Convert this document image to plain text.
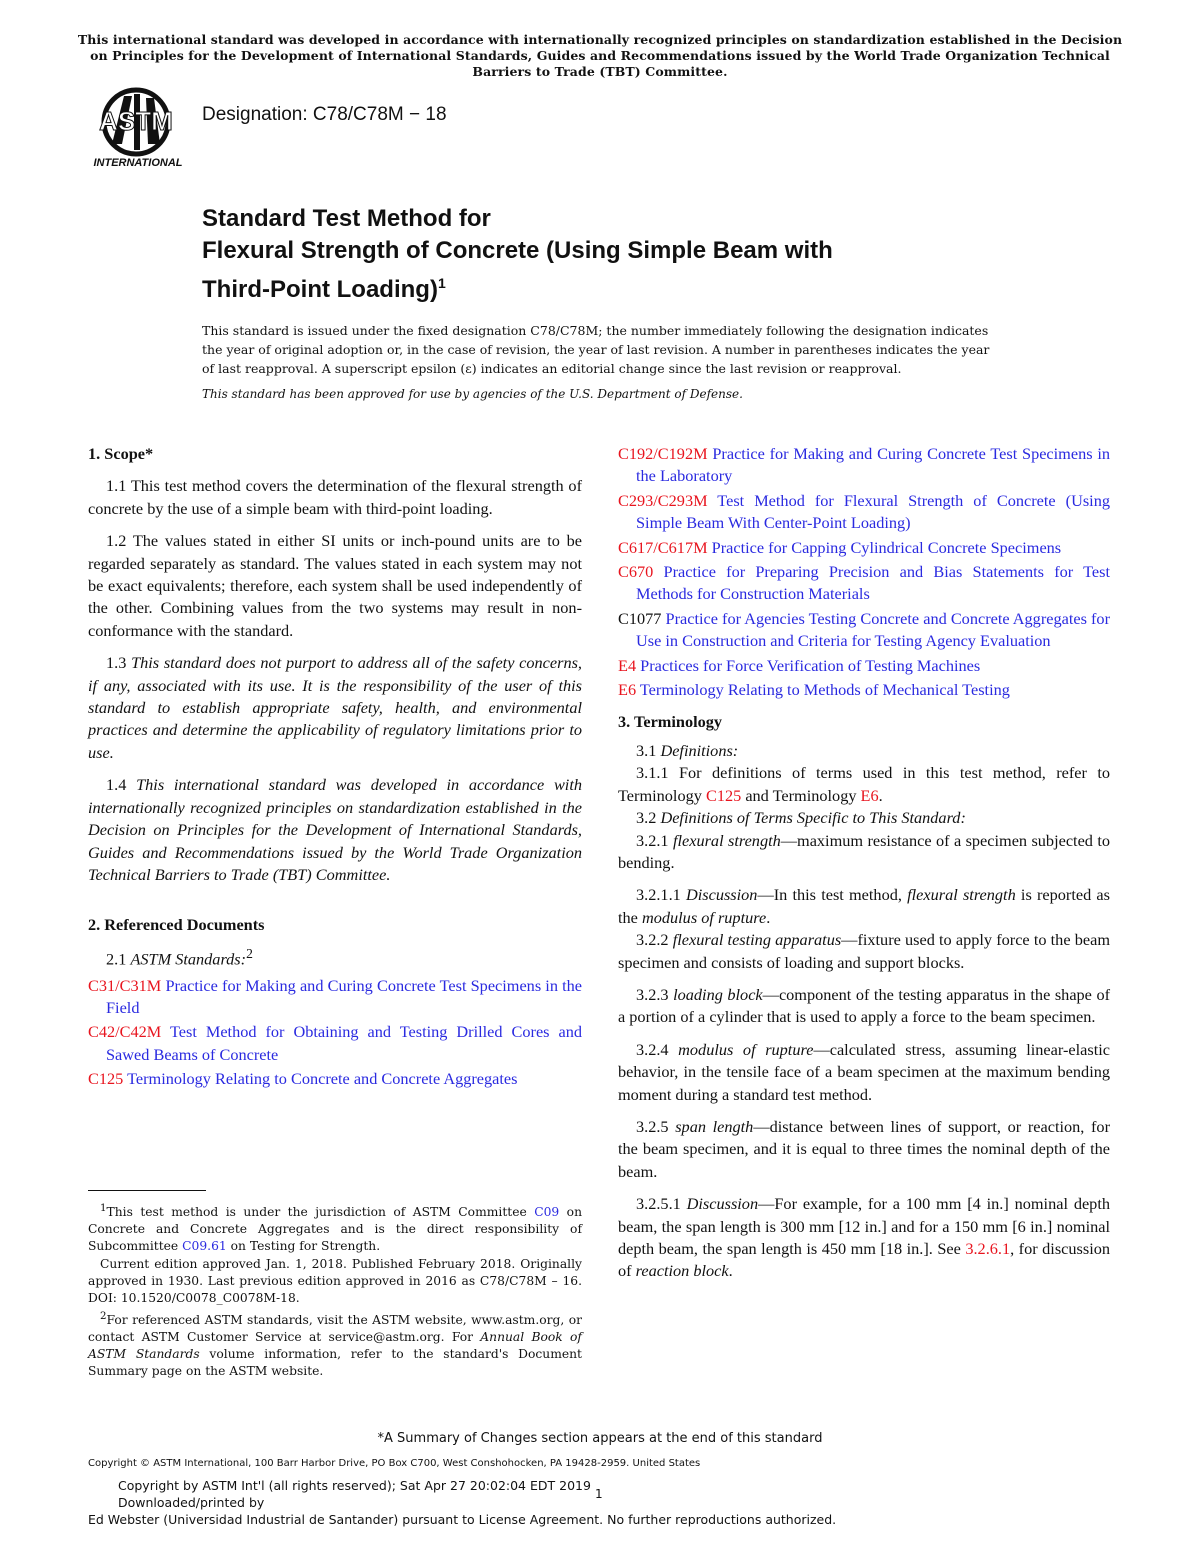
This international standard was developed in accordance with internationally recognized principles on standardization established in the Decision on Principles for the Development of International Standards, Guides and Recommendations issued by the World Trade Organization Technical Barriers to Trade (TBT) Committee.
ASTM
INTERNATIONAL
Designation: C78/C78M − 18
Standard Test Method for
Flexural Strength of Concrete (Using Simple Beam with
Third-Point Loading)$^1$
This standard is issued under the fixed designation C78/C78M; the number immediately following the designation indicates the year of original adoption or, in the case of revision, the year of last revision. A number in parentheses indicates the year of last reapproval. A superscript epsilon (ε) indicates an editorial change since the last revision or reapproval.
This standard has been approved for use by agencies of the U.S. Department of Defense.
1. Scope*
1.1 This test method covers the determination of the flexural strength of concrete by the use of a simple beam with third-point loading.
1.2 The values stated in either SI units or inch-pound units are to be regarded separately as standard. The values stated in each system may not be exact equivalents; therefore, each system shall be used independently of the other. Combining values from the two systems may result in non-conformance with the standard.
1.3 This standard does not purport to address all of the safety concerns, if any, associated with its use. It is the responsibility of the user of this standard to establish appropriate safety, health, and environmental practices and determine the applicability of regulatory limitations prior to use.
1.4 This international standard was developed in accordance with internationally recognized principles on standardization established in the Decision on Principles for the Development of International Standards, Guides and Recommendations issued by the World Trade Organization Technical Barriers to Trade (TBT) Committee.
2. Referenced Documents
2.1 ASTM Standards:$^2$
C31/C31M Practice for Making and Curing Concrete Test Specimens in the Field
C42/C42M Test Method for Obtaining and Testing Drilled Cores and Sawed Beams of Concrete
C125 Terminology Relating to Concrete and Concrete Aggregates
C192/C192M Practice for Making and Curing Concrete Test Specimens in the Laboratory
C293/C293M Test Method for Flexural Strength of Concrete (Using Simple Beam With Center-Point Loading)
C617/C617M Practice for Capping Cylindrical Concrete Specimens
C670 Practice for Preparing Precision and Bias Statements for Test Methods for Construction Materials
C1077 Practice for Agencies Testing Concrete and Concrete Aggregates for Use in Construction and Criteria for Testing Agency Evaluation
E4 Practices for Force Verification of Testing Machines
E6 Terminology Relating to Methods of Mechanical Testing
3. Terminology
3.1 Definitions:
3.1.1 For definitions of terms used in this test method, refer to Terminology C125 and Terminology E6.
3.2 Definitions of Terms Specific to This Standard:
3.2.1 flexural strength—maximum resistance of a specimen subjected to bending.
3.2.1.1 Discussion—In this test method, flexural strength is reported as the modulus of rupture.
3.2.2 flexural testing apparatus—fixture used to apply force to the beam specimen and consists of loading and support blocks.
3.2.3 loading block—component of the testing apparatus in the shape of a portion of a cylinder that is used to apply a force to the beam specimen.
3.2.4 modulus of rupture—calculated stress, assuming linear-elastic behavior, in the tensile face of a beam specimen at the maximum bending moment during a standard test method.
3.2.5 span length—distance between lines of support, or reaction, for the beam specimen, and it is equal to three times the nominal depth of the beam.
3.2.5.1 Discussion—For example, for a 100 mm [4 in.] nominal depth beam, the span length is 300 mm [12 in.] and for a 150 mm [6 in.] nominal depth beam, the span length is 450 mm [18 in.]. See 3.2.6.1, for discussion of reaction block.
$^1$This test method is under the jurisdiction of ASTM Committee C09 on Concrete and Concrete Aggregates and is the direct responsibility of Subcommittee C09.61 on Testing for Strength.
Current edition approved Jan. 1, 2018. Published February 2018. Originally approved in 1930. Last previous edition approved in 2016 as C78/C78M – 16. DOI: 10.1520/C0078_C0078M-18.
$^2$For referenced ASTM standards, visit the ASTM website, www.astm.org, or contact ASTM Customer Service at service@astm.org. For Annual Book of ASTM Standards volume information, refer to the standard's Document Summary page on the ASTM website.
*A Summary of Changes section appears at the end of this standard
Copyright © ASTM International, 100 Barr Harbor Drive, PO Box C700, West Conshohocken, PA 19428-2959. United States
Copyright by ASTM Int'l (all rights reserved); Sat Apr 27 20:02:04 EDT 2019
Downloaded/printed by
Ed Webster (Universidad Industrial de Santander) pursuant to License Agreement. No further reproductions authorized.
1
